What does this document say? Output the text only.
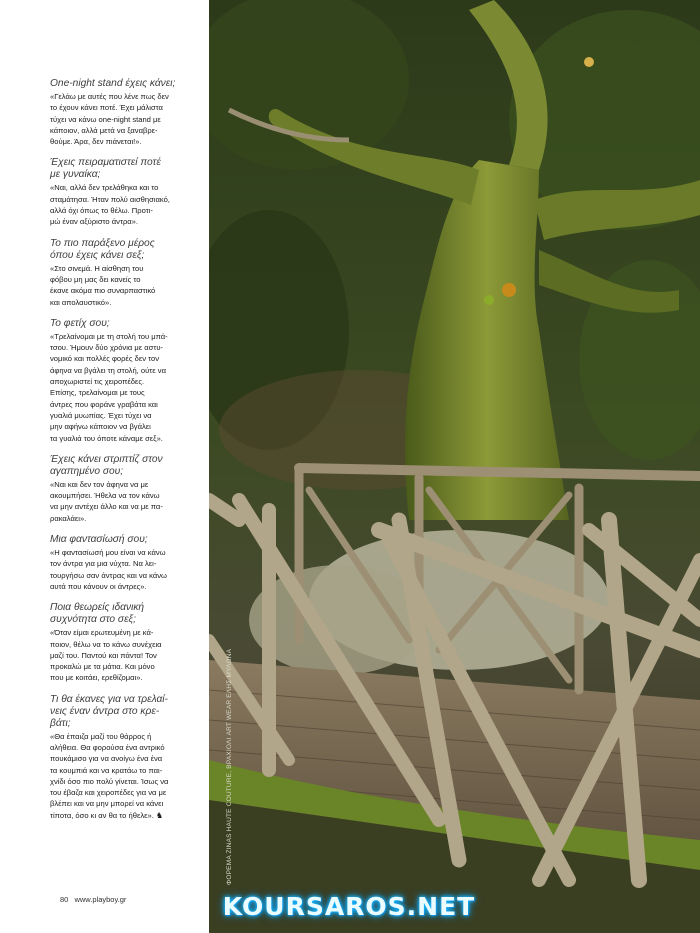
One-night stand έχεις κάνει;

«Γελάω με αυτές που λένε πως δεν
το έχουν κάνει ποτέ. Έχει μάλιστα
τύχει να κάνω one-night stand με
κάποιον, αλλά μετά να ξαναβρε-
θούμε. Άρα, δεν πιάνεται!».

Έχεις πειραματιστεί ποτέ
με γυναίκα;

«Ναι, αλλά δεν τρελάθηκα και το
σταμάτησα. Ήταν πολύ αισθησιακό,
αλλά όχι όπως το θέλω. Προτι-
μώ έναν αξύριστο άντρα».

Το πιο παράξενο μέρος
όπου έχεις κάνει σεξ;

«Στο σινεμά. Η αίσθηση του
φόβου μη μας δει κανείς το
έκανε ακόμα πιο συναρπαστικό
και απολαυστικό».

Το φετίχ σου;

«Τρελαίνομαι με τη στολή του μπά-
τσου. Ήμουν δύο χρόνια με αστυ-
νομικό και πολλές φορές δεν τον
άφηνα να βγάλει τη στολή, ούτε να
αποχωριστεί τις χειροπέδες.
Επίσης, τρελαίνομαι με τους
άντρες που φοράνε γραβάτα και
γυαλιά μυωπίας. Έχει τύχει να
μην αφήνω κάποιον να βγάλει
τα γυαλιά του όποτε κάναμε σεξ».

Έχεις κάνει στριπτίζ στον
αγαπημένο σου;

«Ναι και δεν τον άφηνα να με
ακουμπήσει. Ήθελα να τον κάνω
να μην αντέχει άλλο και να με πα-
ρακαλάει».

Μια φαντασίωσή σου;

«Η φαντασίωσή μου είναι να κάνω
τον άντρα για μια νύχτα. Να λει-
τουργήσω σαν άντρας και να κάνω
αυτά που κάνουν οι άντρες».

Ποια θεωρείς ιδανική
συχνότητα στο σεξ;

«Όταν είμαι ερωτευμένη με κά-
ποιον, θέλω να το κάνω συνέχεια
μαζί του. Παντού και πάντα! Τον
προκαλώ με τα μάτια. Και μόνο
που με κοιτάει, ερεθίζομαι».

Τι θα έκανες για να τρελαί-
νεις έναν άντρα στο κρε-
βάτι;

«Θα έπαιζα μαζί του θάρρος ή
αλήθεια. Θα φορούσα ένα αντρικό
πουκάμισο για να ανοίγω ένα ένα
τα κουμπιά και να κρατάω το παι-
χνίδι όσο πιο πολύ γίνεται. Ίσως να
του έβαζα και χειροπέδες για να με
βλέπει και να μην μπορεί να κάνει
τίποτα, όσο κι αν θα το ήθελε». ♞

80 www.playboy.gr
ΦΟΡΕΜΑ ZINAS HAUTE COUTURE, ΒΡΑΧΙΟΛΙ ART WEAR ΕΛΗΣ ΜΥΛΩΝΑ
KOURSAROS.NET
